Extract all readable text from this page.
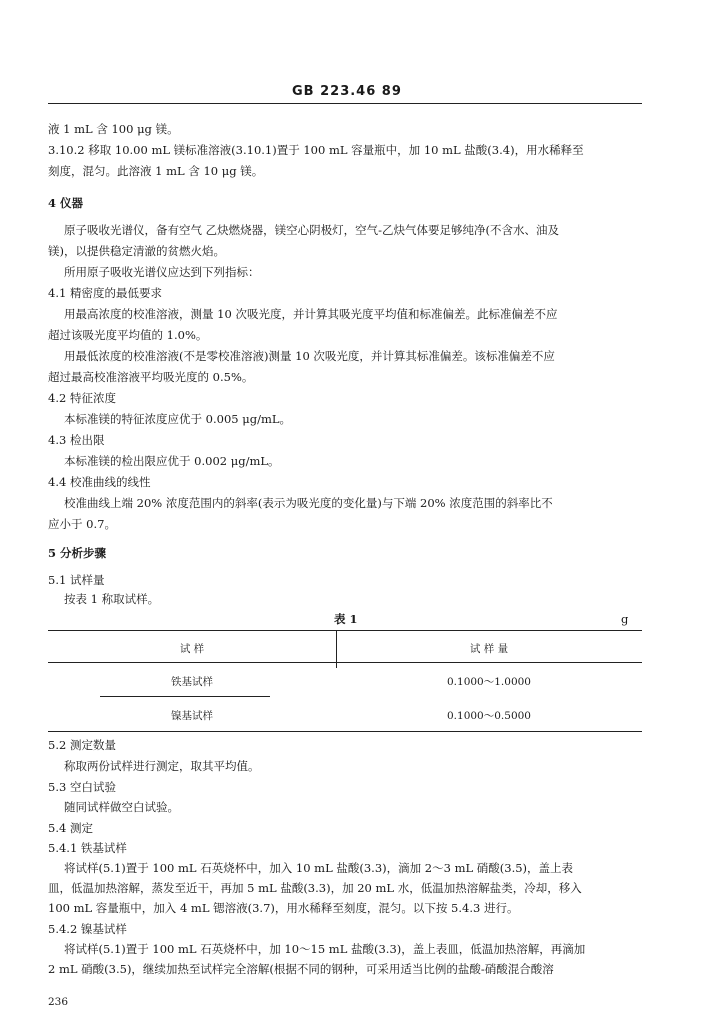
GB 223.46 89
液 1 mL 含 100 μg 镁。
3.10.2 移取 10.00 mL 镁标准溶液(3.10.1)置于 100 mL 容量瓶中，加 10 mL 盐酸(3.4)，用水稀释至
刻度，混匀。此溶液 1 mL 含 10 μg 镁。
4 仪器
原子吸收光谱仪，备有空气 乙炔燃烧器，镁空心阴极灯，空气-乙炔气体要足够纯净(不含水、油及
镁)，以提供稳定清澈的贫燃火焰。
所用原子吸收光谱仪应达到下列指标：
4.1 精密度的最低要求
用最高浓度的校准溶液，测量 10 次吸光度，并计算其吸光度平均值和标准偏差。此标准偏差不应
超过该吸光度平均值的 1.0%。
用最低浓度的校准溶液(不是零校准溶液)测量 10 次吸光度，并计算其标准偏差。该标准偏差不应
超过最高校准溶液平均吸光度的 0.5%。
4.2 特征浓度
本标准镁的特征浓度应优于 0.005 μg/mL。
4.3 检出限
本标准镁的检出限应优于 0.002 μg/mL。
4.4 校准曲线的线性
校准曲线上端 20% 浓度范围内的斜率(表示为吸光度的变化量)与下端 20% 浓度范围的斜率比不
应小于 0.7。
5 分析步骤
5.1 试样量
按表 1 称取试样。
表 1	g
试 样	试 样 量
铁基试样	0.1000～1.0000
镍基试样	0.1000～0.5000
5.2 测定数量
称取两份试样进行测定，取其平均值。
5.3 空白试验
随同试样做空白试验。
5.4 测定
5.4.1 铁基试样
将试样(5.1)置于 100 mL 石英烧杯中，加入 10 mL 盐酸(3.3)，滴加 2～3 mL 硝酸(3.5)，盖上表
皿，低温加热溶解，蒸发至近干，再加 5 mL 盐酸(3.3)，加 20 mL 水，低温加热溶解盐类，冷却，移入
100 mL 容量瓶中，加入 4 mL 锶溶液(3.7)，用水稀释至刻度，混匀。以下按 5.4.3 进行。
5.4.2 镍基试样
将试样(5.1)置于 100 mL 石英烧杯中，加 10～15 mL 盐酸(3.3)，盖上表皿，低温加热溶解，再滴加
2 mL 硝酸(3.5)，继续加热至试样完全溶解(根据不同的钢种，可采用适当比例的盐酸-硝酸混合酸溶
236
